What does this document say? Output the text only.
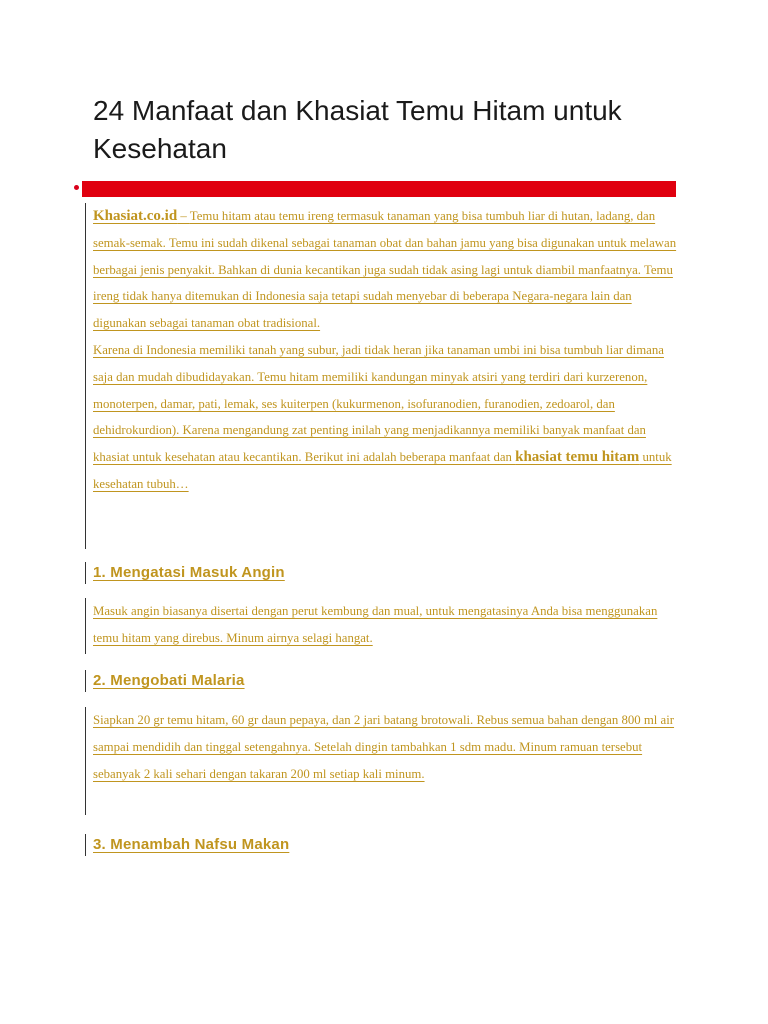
24 Manfaat dan Khasiat Temu Hitam untuk Kesehatan

Khasiat.co.id – Temu hitam atau temu ireng termasuk tanaman yang bisa tumbuh liar di hutan, ladang, dan semak-semak. Temu ini sudah dikenal sebagai tanaman obat dan bahan jamu yang bisa digunakan untuk melawan berbagai jenis penyakit. Bahkan di dunia kecantikan juga sudah tidak asing lagi untuk diambil manfaatnya. Temu ireng tidak hanya ditemukan di Indonesia saja tetapi sudah menyebar di beberapa Negara-negara lain dan digunakan sebagai tanaman obat tradisional.

Karena di Indonesia memiliki tanah yang subur, jadi tidak heran jika tanaman umbi ini bisa tumbuh liar dimana saja dan mudah dibudidayakan. Temu hitam memiliki kandungan minyak atsiri yang terdiri dari kurzerenon, monoterpen, damar, pati, lemak, ses kuiterpen (kukurmenon, isofuranodien, furanodien, zedoarol, dan dehidrokurdion). Karena mengandung zat penting inilah yang menjadikannya memiliki banyak manfaat dan khasiat untuk kesehatan atau kecantikan. Berikut ini adalah beberapa manfaat dan khasiat temu hitam untuk kesehatan tubuh…

1. Mengatasi Masuk Angin

Masuk angin biasanya disertai dengan perut kembung dan mual, untuk mengatasinya Anda bisa menggunakan temu hitam yang direbus. Minum airnya selagi hangat.

2. Mengobati Malaria

Siapkan 20 gr temu hitam, 60 gr daun pepaya, dan 2 jari batang brotowali. Rebus semua bahan dengan 800 ml air sampai mendidih dan tinggal setengahnya. Setelah dingin tambahkan 1 sdm madu. Minum ramuan tersebut sebanyak 2 kali sehari dengan takaran 200 ml setiap kali minum.

3. Menambah Nafsu Makan
